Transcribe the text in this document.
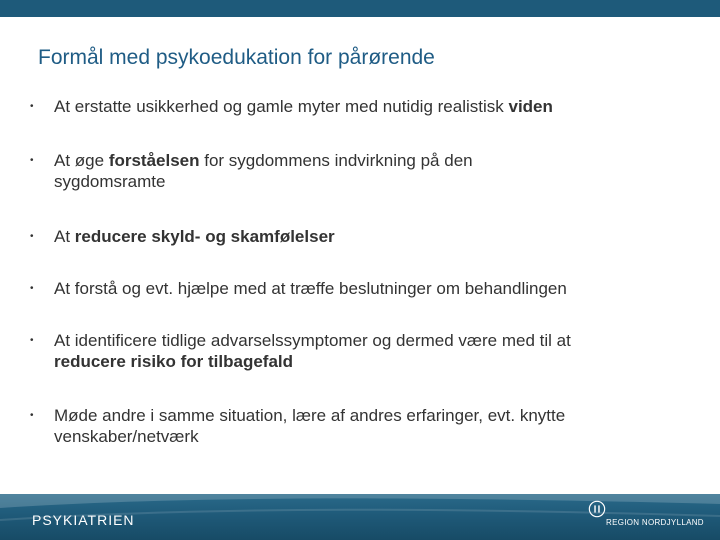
Formål med psykoedukation for pårørende
•	At erstatte usikkerhed og gamle myter med nutidig realistisk viden
•	At øge forståelsen for sygdommens indvirkning på den
sygdomsramte
•	At reducere skyld- og skamfølelser
•	At forstå og evt. hjælpe med at træffe beslutninger om behandlingen
•	At identificere tidlige advarselssymptomer og dermed være med til at
reducere risiko for tilbagefald
•	Møde andre i samme situation, lære af andres erfaringer, evt. knytte
venskaber/netværk
PSYKIATRIEN	REGION NORDJYLLAND
